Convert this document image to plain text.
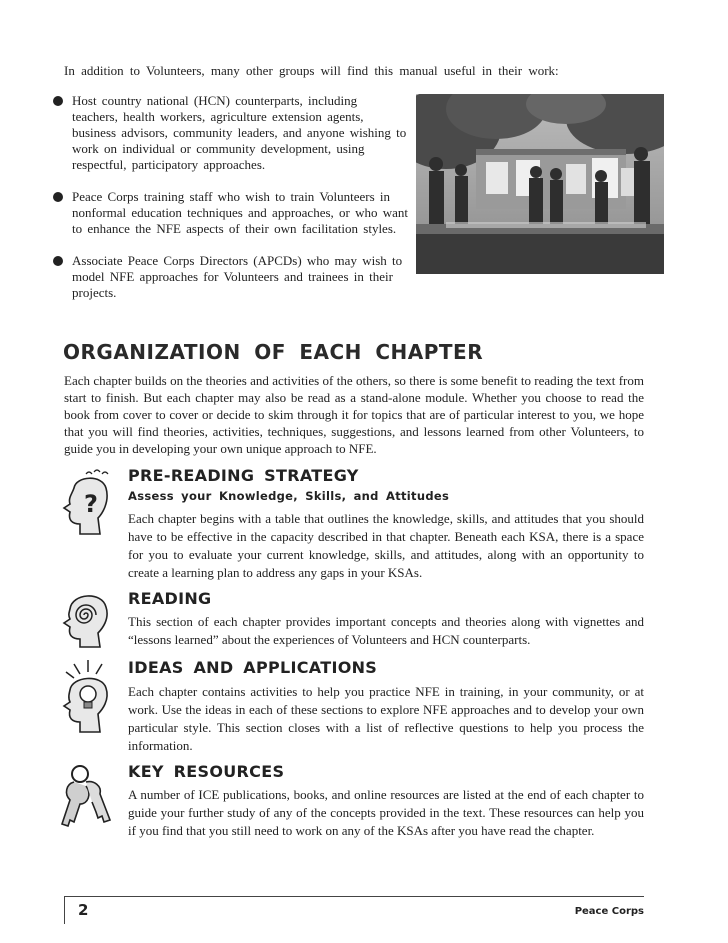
In addition to Volunteers, many other groups will find this manual useful in their work:
Host country national (HCN) counterparts, including teachers, health workers, agriculture extension agents, business advisors, community leaders, and anyone wishing to work on individual or community development, using respectful, participatory approaches.
Peace Corps training staff who wish to train Volunteers in nonformal education techniques and approaches, or who want to enhance the NFE aspects of their own facilitation styles.
Associate Peace Corps Directors (APCDs) who may wish to model NFE approaches for Volunteers and trainees in their projects.
ORGANIZATION OF EACH CHAPTER
Each chapter builds on the theories and activities of the others, so there is some benefit to reading the text from start to finish. But each chapter may also be read as a stand-alone module. Whether you choose to read the book from cover to cover or decide to skim through it for topics that are of particular interest to you, we hope that you will find theories, activities, techniques, suggestions, and lessons learned from other Volunteers, to guide you in developing your own unique approach to NFE.
?
PRE-READING STRATEGY
Assess your Knowledge, Skills, and Attitudes
Each chapter begins with a table that outlines the knowledge, skills, and attitudes that you should have to be effective in the capacity described in that chapter. Beneath each KSA, there is a space for you to evaluate your current knowledge, skills, and attitudes, along with an opportunity to create a learning plan to address any gaps in your KSAs.
READING
This section of each chapter provides important concepts and theories along with vignettes and “lessons learned” about the experiences of Volunteers and HCN counterparts.
IDEAS AND APPLICATIONS
Each chapter contains activities to help you practice NFE in training, in your community, or at work. Use the ideas in each of these sections to explore NFE approaches and to develop your own particular style. This section closes with a list of reflective questions to help you process the information.
KEY RESOURCES
A number of ICE publications, books, and online resources are listed at the end of each chapter to guide your further study of any of the concepts provided in the text. These resources can help you if you find that you still need to work on any of the KSAs after you have read the chapter.
2	Peace Corps
